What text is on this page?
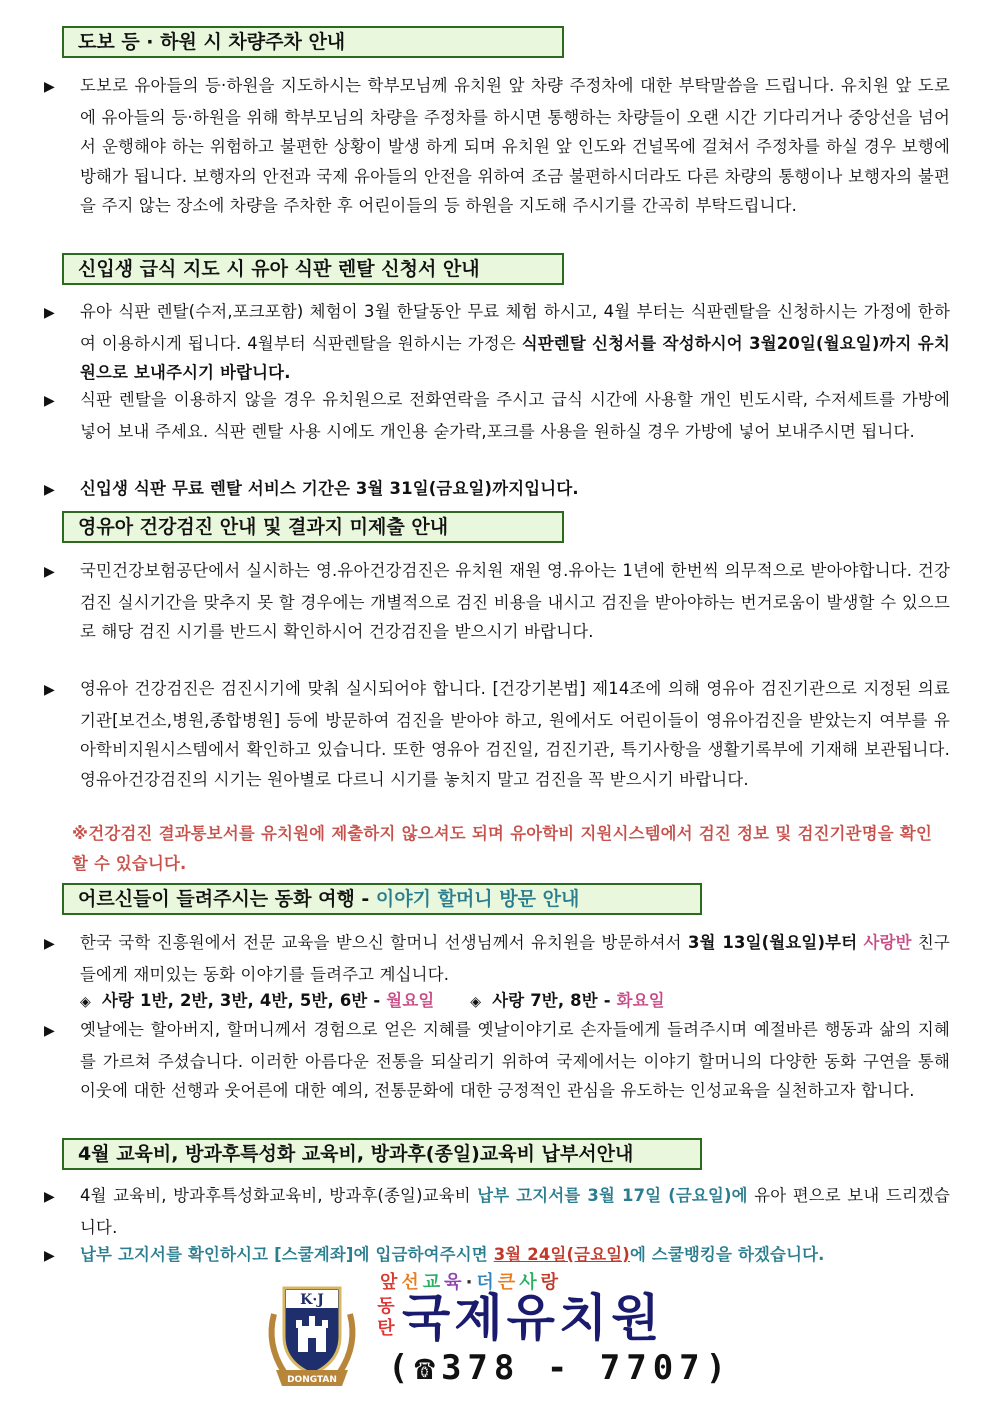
도보 등 · 하원 시 차량주차 안내
▶ 도보로 유아들의 등·하원을 지도하시는 학부모님께 유치원 앞 차량 주정차에 대한 부탁말씀을 드립니다. 유치원 앞 도로에 유아들의 등·하원을 위해 학부모님의 차량을 주정차를 하시면 통행하는 차량들이 오랜 시간 기다리거나 중앙선을 넘어서 운행해야 하는 위험하고 불편한 상황이 발생 하게 되며 유치원 앞 인도와 건널목에 걸쳐서 주정차를 하실 경우 보행에 방해가 됩니다. 보행자의 안전과 국제 유아들의 안전을 위하여 조금 불편하시더라도 다른 차량의 통행이나 보행자의 불편을 주지 않는 장소에 차량을 주차한 후 어린이들의 등 하원을 지도해 주시기를 간곡히 부탁드립니다.
신입생 급식 지도 시 유아 식판 렌탈 신청서 안내
▶ 유아 식판 렌탈(수저,포크포함) 체험이 3월 한달동안 무료 체험 하시고, 4월 부터는 식판렌탈을 신청하시는 가정에 한하여 이용하시게 됩니다. 4월부터 식판렌탈을 원하시는 가정은 식판렌탈 신청서를 작성하시어 3월20일(월요일)까지 유치원으로 보내주시기 바랍니다.
▶ 식판 렌탈을 이용하지 않을 경우 유치원으로 전화연락을 주시고 급식 시간에 사용할 개인 빈도시락, 수저세트를 가방에 넣어 보내 주세요. 식판 렌탈 사용 시에도 개인용 숟가락,포크를 사용을 원하실 경우 가방에 넣어 보내주시면 됩니다.
▶ 신입생 식판 무료 렌탈 서비스 기간은 3월 31일(금요일)까지입니다.
영유아 건강검진 안내 및 결과지 미제출 안내
▶ 국민건강보험공단에서 실시하는 영.유아건강검진은 유치원 재원 영.유아는 1년에 한번씩 의무적으로 받아야합니다. 건강검진 실시기간을 맞추지 못 할 경우에는 개별적으로 검진 비용을 내시고 검진을 받아야하는 번거로움이 발생할 수 있으므로 해당 검진 시기를 반드시 확인하시어 건강검진을 받으시기 바랍니다.
▶ 영유아 건강검진은 검진시기에 맞춰 실시되어야 합니다. [건강기본법] 제14조에 의해 영유아 검진기관으로 지정된 의료기관[보건소,병원,종합병원] 등에 방문하여 검진을 받아야 하고, 원에서도 어린이들이 영유아검진을 받았는지 여부를 유아학비지원시스템에서 확인하고 있습니다. 또한 영유아 검진일, 검진기관, 특기사항을 생활기록부에 기재해 보관됩니다. 영유아건강검진의 시기는 원아별로 다르니 시기를 놓치지 말고 검진을 꼭 받으시기 바랍니다.
※건강검진 결과통보서를 유치원에 제출하지 않으셔도 되며 유아학비 지원시스템에서 검진 정보 및 검진기관명을 확인 할 수 있습니다.
어르신들이 들려주시는 동화 여행 - 이야기 할머니 방문 안내
▶ 한국 국학 진흥원에서 전문 교육을 받으신 할머니 선생님께서 유치원을 방문하셔서 3월 13일(월요일)부터 사랑반 친구들에게 재미있는 동화 이야기를 들려주고 계십니다.
◈ 사랑 1반, 2반, 3반, 4반, 5반, 6반 - 월요일	◈ 사랑 7반, 8반 - 화요일
▶ 옛날에는 할아버지, 할머니께서 경험으로 얻은 지혜를 옛날이야기로 손자들에게 들려주시며 예절바른 행동과 삶의 지혜를 가르쳐 주셨습니다. 이러한 아름다운 전통을 되살리기 위하여 국제에서는 이야기 할머니의 다양한 동화 구연을 통해 이웃에 대한 선행과 웃어른에 대한 예의, 전통문화에 대한 긍정적인 관심을 유도하는 인성교육을 실천하고자 합니다.
4월 교육비, 방과후특성화 교육비, 방과후(종일)교육비 납부서안내
▶ 4월 교육비, 방과후특성화교육비, 방과후(종일)교육비 납부 고지서를 3월 17일 (금요일)에 유아 편으로 보내 드리겠습니다.
▶ 납부 고지서를 확인하시고 [스쿨계좌]에 입금하여주시면 3월 24일(금요일)에 스쿨뱅킹을 하겠습니다.
K·J
DONGTAN
앞선교육·더큰사랑
동
탄 국제유치원
(☎378 - 7707)
